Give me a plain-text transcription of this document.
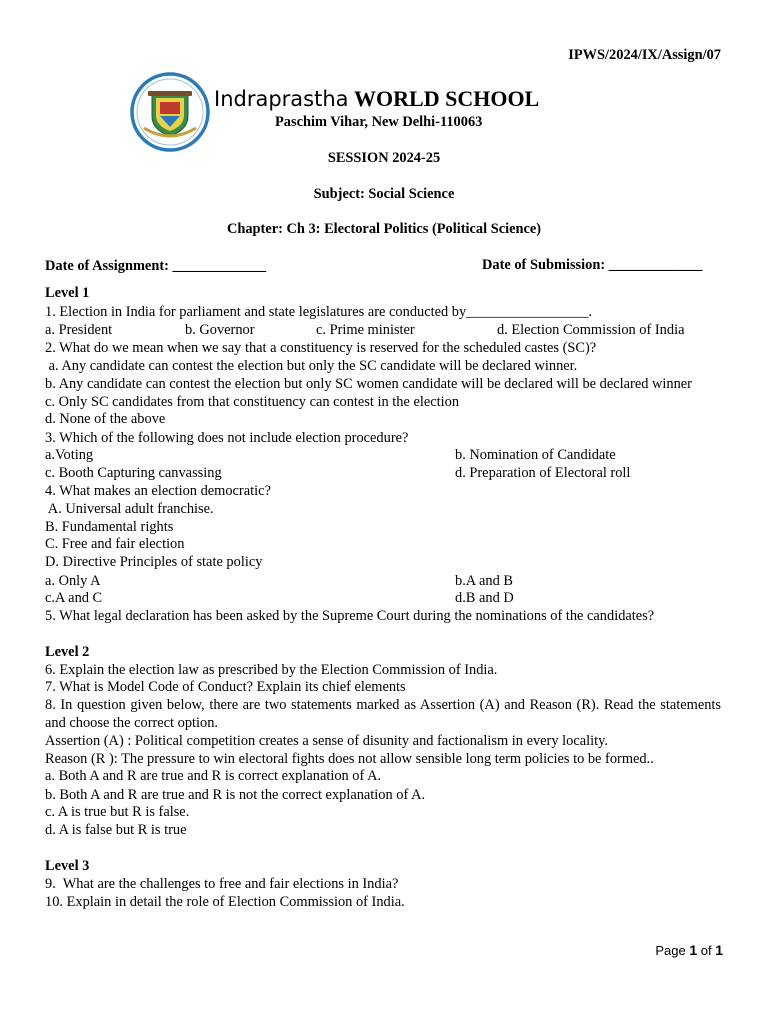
IPWS/2024/IX/Assign/07
Indraprastha WORLD SCHOOL
Paschim Vihar, New Delhi-110063
SESSION 2024-25
Subject: Social Science
Chapter: Ch 3: Electoral Politics (Political Science)
Date of Assignment: _____________	Date of Submission: _____________
Level 1
1. Election in India for parliament and state legislatures are conducted by_________________.
a. President	b. Governor	c. Prime minister	d. Election Commission of India
2. What do we mean when we say that a constituency is reserved for the scheduled castes (SC)?
a. Any candidate can contest the election but only the SC candidate will be declared winner.
b. Any candidate can contest the election but only SC women candidate will be declared will be declared winner
c. Only SC candidates from that constituency can contest in the election
d. None of the above
3. Which of the following does not include election procedure?
a.Voting	b. Nomination of Candidate
c. Booth Capturing canvassing	d. Preparation of Electoral roll
4. What makes an election democratic?
A. Universal adult franchise.
B. Fundamental rights
C. Free and fair election
D. Directive Principles of state policy
a. Only A	b.A and B
c.A and C	d.B and D
5. What legal declaration has been asked by the Supreme Court during the nominations of the candidates?
Level 2
6. Explain the election law as prescribed by the Election Commission of India.
7. What is Model Code of Conduct? Explain its chief elements
8. In question given below, there are two statements marked as Assertion (A) and Reason (R). Read the statements and choose the correct option.
Assertion (A) : Political competition creates a sense of disunity and factionalism in every locality.
Reason (R ): The pressure to win electoral fights does not allow sensible long term policies to be formed..
a. Both A and R are true and R is correct explanation of A.
b. Both A and R are true and R is not the correct explanation of A.
c. A is true but R is false.
d. A is false but R is true
Level 3
9.  What are the challenges to free and fair elections in India?
10. Explain in detail the role of Election Commission of India.
Page 1 of 1
